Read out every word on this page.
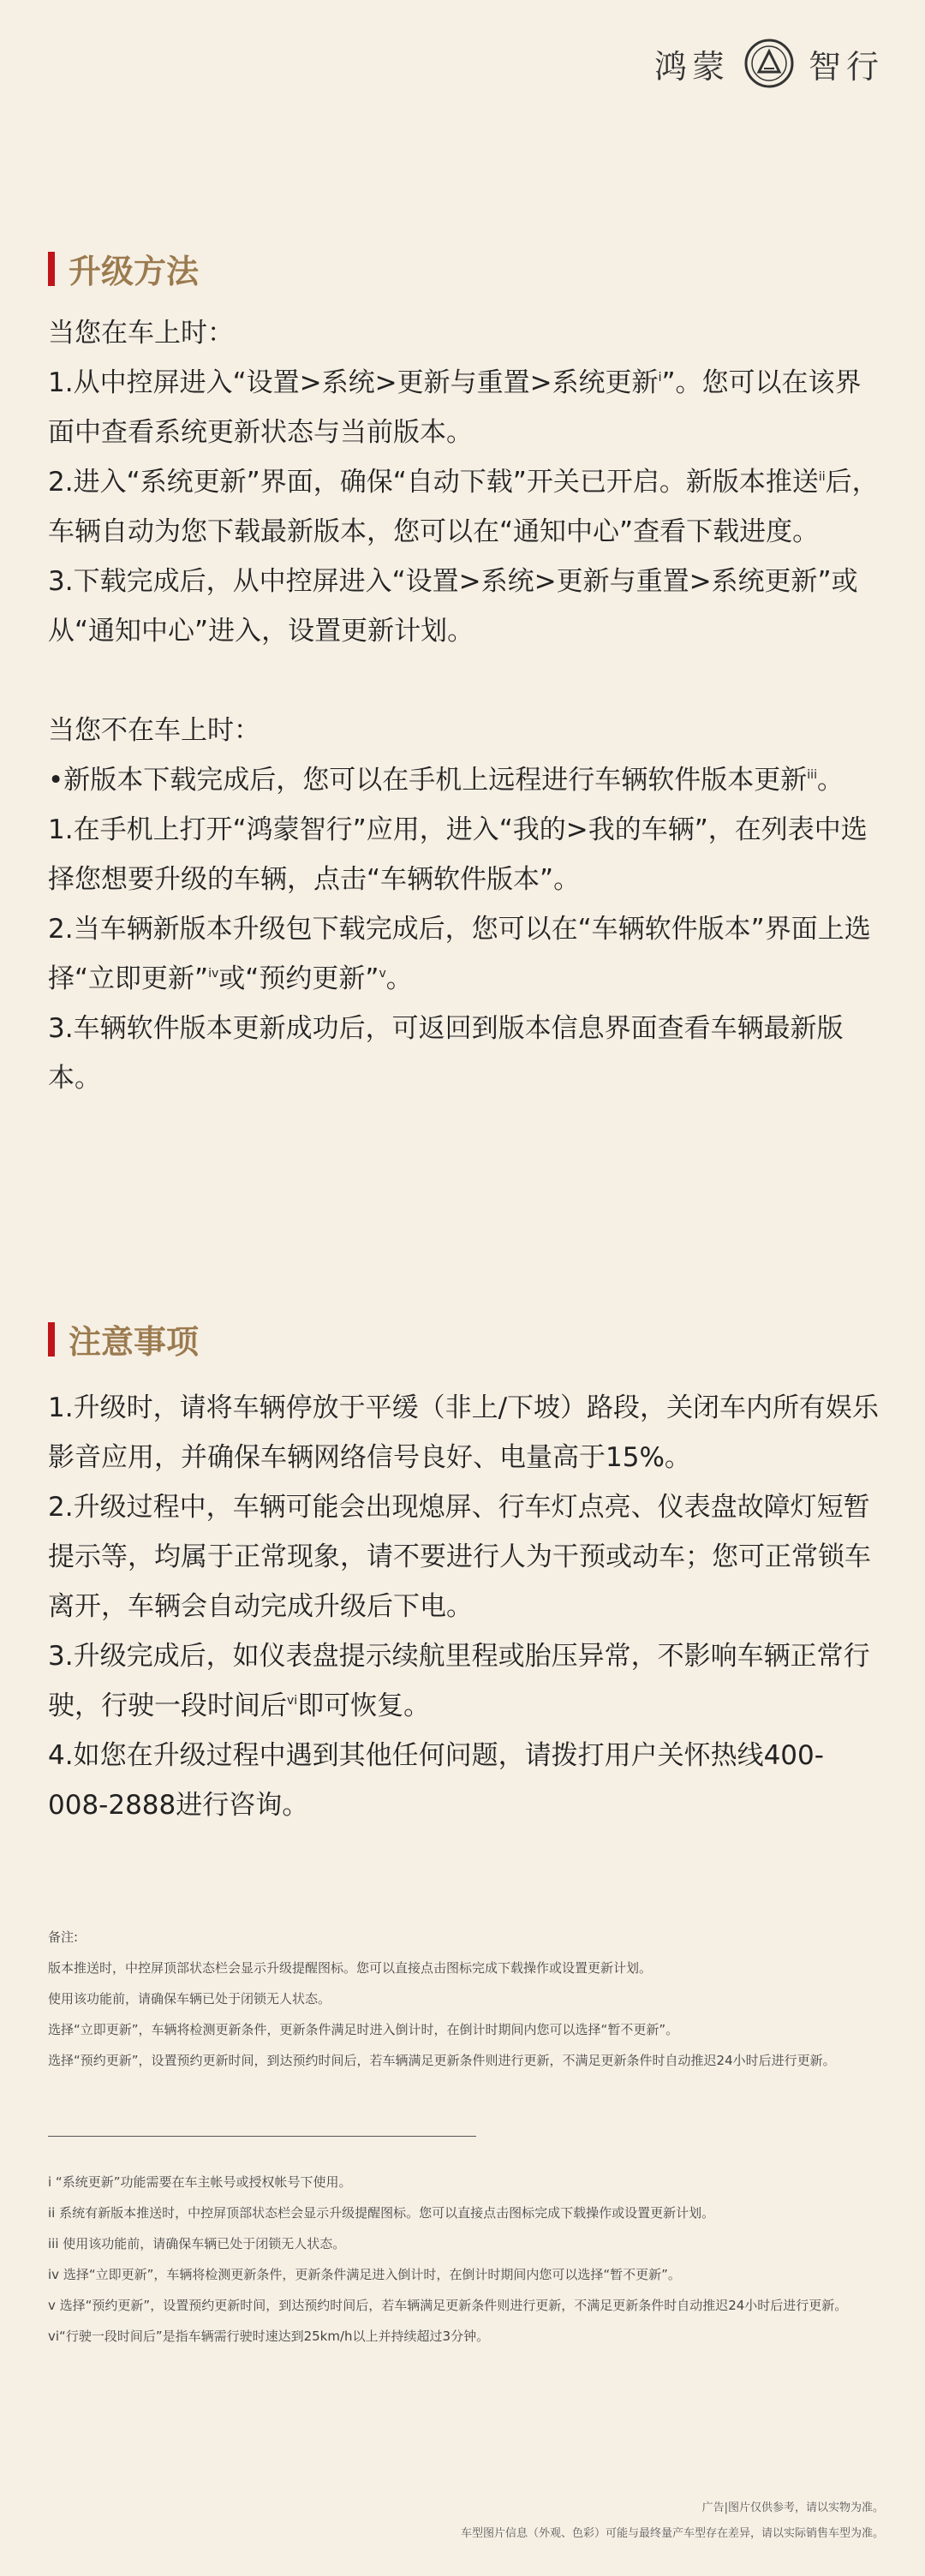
鸿蒙 智行
升级方法

当您在车上时：

1.从中控屏进入“设置>系统>更新与重置>系统更新$^i$”。您可以在该界面中查看系统更新状态与当前版本。

2.进入“系统更新”界面，确保“自动下载”开关已开启。新版本推送$^{ii}$后，车辆自动为您下载最新版本，您可以在“通知中心”查看下载进度。

3.下载完成后，从中控屏进入“设置>系统>更新与重置>系统更新”或从“通知中心”进入，设置更新计划。

当您不在车上时：

•新版本下载完成后，您可以在手机上远程进行车辆软件版本更新$^{iii}$。

1.在手机上打开“鸿蒙智行”应用，进入“我的>我的车辆”，在列表中选择您想要升级的车辆，点击“车辆软件版本”。

2.当车辆新版本升级包下载完成后，您可以在“车辆软件版本”界面上选择“立即更新”$^{iv}$或“预约更新”$^v$。

3.车辆软件版本更新成功后，可返回到版本信息界面查看车辆最新版本。

注意事项

1.升级时，请将车辆停放于平缓（非上/下坡）路段，关闭车内所有娱乐影音应用，并确保车辆网络信号良好、电量高于15%。

2.升级过程中，车辆可能会出现熄屏、行车灯点亮、仪表盘故障灯短暂提示等，均属于正常现象，请不要进行人为干预或动车；您可正常锁车离开，车辆会自动完成升级后下电。

3.升级完成后，如仪表盘提示续航里程或胎压异常，不影响车辆正常行驶，行驶一段时间后$^{vi}$即可恢复。

4.如您在升级过程中遇到其他任何问题，请拨打用户关怀热线400-008-2888进行咨询。

备注:

版本推送时，中控屏顶部状态栏会显示升级提醒图标。您可以直接点击图标完成下载操作或设置更新计划。

使用该功能前，请确保车辆已处于闭锁无人状态。

选择“立即更新”，车辆将检测更新条件，更新条件满足时进入倒计时，在倒计时期间内您可以选择“暂不更新”。

选择“预约更新”，设置预约更新时间，到达预约时间后，若车辆满足更新条件则进行更新，不满足更新条件时自动推迟24小时后进行更新。

i “系统更新”功能需要在车主帐号或授权帐号下使用。

ii 系统有新版本推送时，中控屏顶部状态栏会显示升级提醒图标。您可以直接点击图标完成下载操作或设置更新计划。

iii 使用该功能前，请确保车辆已处于闭锁无人状态。

iv 选择“立即更新”，车辆将检测更新条件，更新条件满足进入倒计时，在倒计时期间内您可以选择“暂不更新”。

v 选择“预约更新”，设置预约更新时间，到达预约时间后，若车辆满足更新条件则进行更新，不满足更新条件时自动推迟24小时后进行更新。

vi“行驶一段时间后”是指车辆需行驶时速达到25km/h以上并持续超过3分钟。

广告|图片仅供参考，请以实物为准。

车型图片信息（外观、色彩）可能与最终量产车型存在差异，请以实际销售车型为准。
